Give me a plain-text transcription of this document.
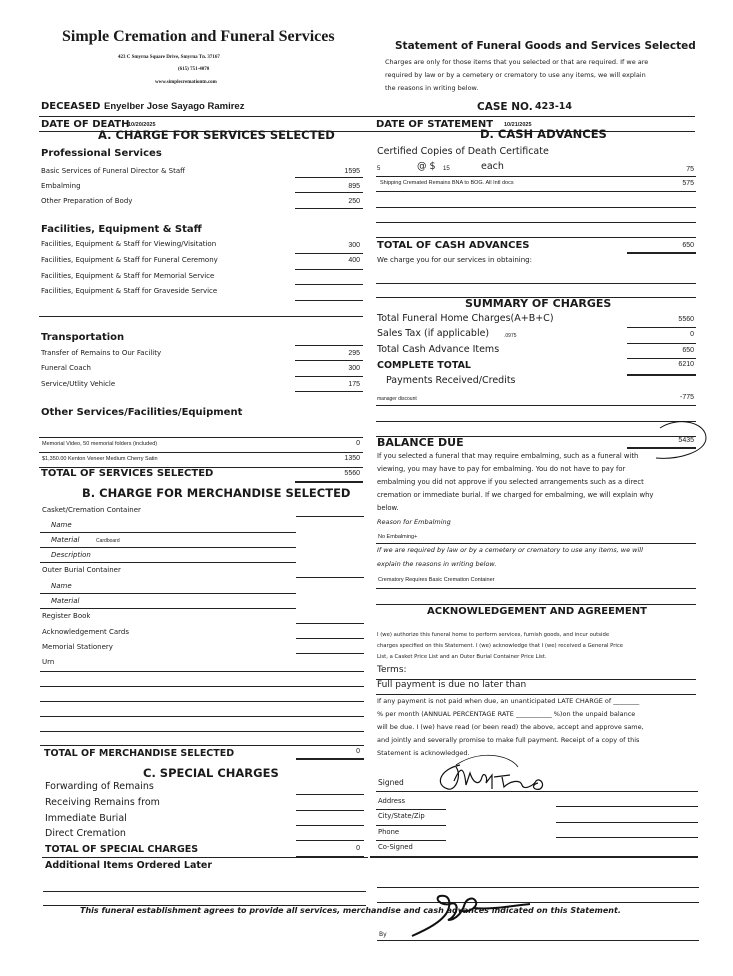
Simple Cremation and Funeral Services
423 C Smyrna Square Drive, Smyrna Tn. 37167
(615) 751-4070
www.simplecremationtn.com
Statement of Funeral Goods and Services Selected
Charges are only for those items that you selected or that are required. If we are
required by law or by a cemetery or crematory to use any items, we will explain
the reasons in writing below.
DECEASED Enyelber Jose Sayago Ramirez	CASE NO. 423-14
DATE OF DEATH
10/20/2025	DATE OF STATEMENT 10/21/2025
A. CHARGE FOR SERVICES SELECTED
Professional Services
Basic Services of Funeral Director & Staff	1595
Embalming	895
Other Preparation of Body	250
Facilities, Equipment & Staff
Facilities, Equipment & Staff for Viewing/Visitation	300
Facilities, Equipment & Staff for Funeral Ceremony	400
Facilities, Equipment & Staff for Memorial Service
Facilities, Equipment & Staff for Graveside Service
Transportation
Transfer of Remains to Our Facility	295
Funeral Coach	300
Service/Utlity Vehicle	175
Other Services/Facilities/Equipment
Memorial Video, 50 memorial folders (included)	0
$1,350.00 Kenton Veneer Medium Cherry Satin	1350
TOTAL OF SERVICES SELECTED	5560
B. CHARGE FOR MERCHANDISE SELECTED
Casket/Cremation Container
Name
Material	Cardboard
Description
Outer Burial Container
Name
Material
Register Book
Acknowledgement Cards
Memorial Stationery
Urn
TOTAL OF MERCHANDISE SELECTED	0
C. SPECIAL CHARGES
Forwarding of Remains
Receiving Remains from
Immediate Burial
Direct Cremation
TOTAL OF SPECIAL CHARGES	0
Additional Items Ordered Later
D. CASH ADVANCES
Certified Copies of Death Certificate
5	@ $ 15	each	75
Shipping Cremated Remains BNA to BOG. All Intl docs	575
TOTAL OF CASH ADVANCES	650
We charge you for our services in obtaining:
SUMMARY OF CHARGES
Total Funeral Home Charges(A+B+C)	5560
Sales Tax (if applicable)	.0975	0
Total Cash Advance Items	650
COMPLETE TOTAL	6210
Payments Received/Credits
manager discount	-775
BALANCE DUE	5435
If you selected a funeral that may require embalming, such as a funeral with
viewing, you may have to pay for embalming. You do not have to pay for
embalming you did not approve if you selected arrangements such as a direct
cremation or immediate burial. If we charged for embalming, we will explain why
below.
Reason for Embalming
No Embalming+
If we are required by law or by a cemetery or crematory to use any items, we will
explain the reasons in writing below.
Crematory Requires Basic Cremation Container
ACKNOWLEDGEMENT AND AGREEMENT
I (we) authorize this funeral home to perform services, furnish goods, and incur outside
charges specified on this Statement. I (we) acknowledge that I (we) received a General Price
List, a Casket Price List and an Outer Burial Container Price List.
Terms:
Full payment is due no later than
If any payment is not paid when due, an unanticipated LATE CHARGE of ________
% per month (ANNUAL PERCENTAGE RATE ___________ %)on the unpaid balance
will be due. I (we) have read (or been read) the above, accept and approve same,
and jointly and severally promise to make full payment. Receipt of a copy of this
Statement is acknowledged.
Signed
Address
City/State/Zip
Phone
Co-Signed
This funeral establishment agrees to provide all services, merchandise and cash advances indicated on this Statement.
By
